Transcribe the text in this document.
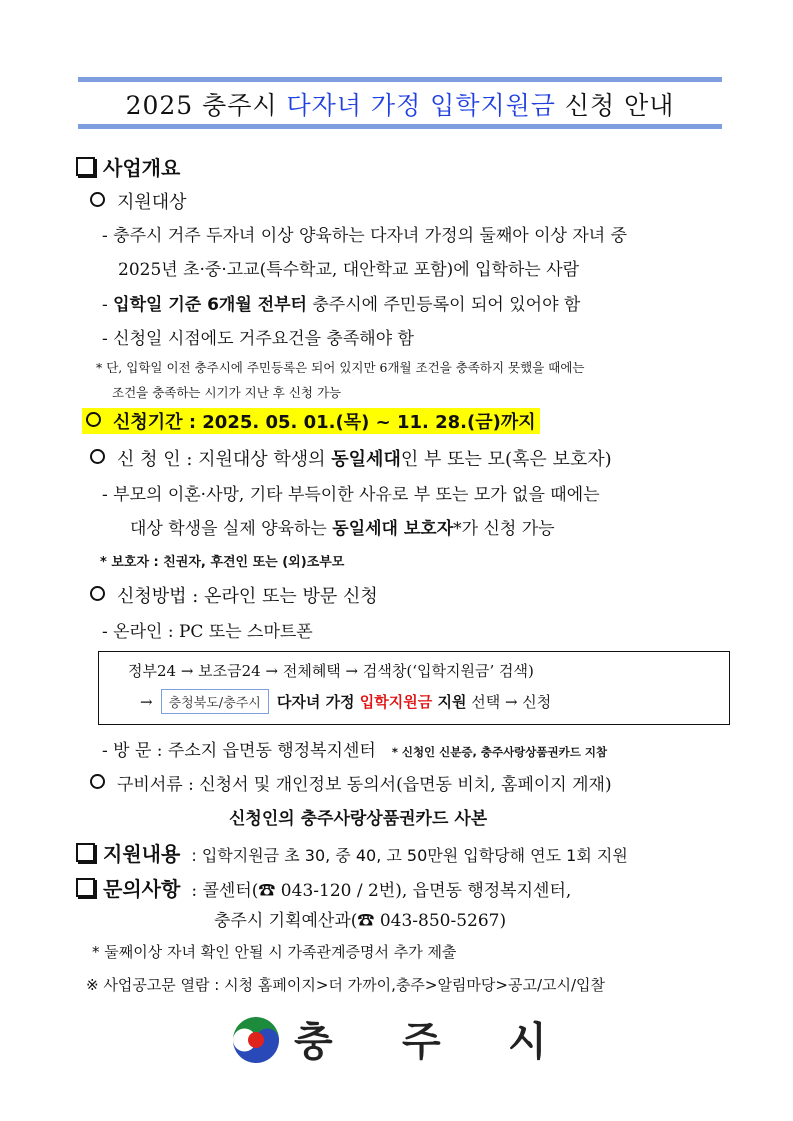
2025 충주시 다자녀 가정 입학지원금 신청 안내
사업개요
지원대상
- 충주시 거주 두자녀 이상 양육하는 다자녀 가정의 둘째아 이상 자녀 중
2025년 초·중·고교(특수학교, 대안학교 포함)에 입학하는 사람
- 입학일 기준 6개월 전부터 충주시에 주민등록이 되어 있어야 함
- 신청일 시점에도 거주요건을 충족해야 함
* 단, 입학일 이전 충주시에 주민등록은 되어 있지만 6개월 조건을 충족하지 못했을 때에는
조건을 충족하는 시기가 지난 후 신청 가능
신청기간 : 2025. 05. 01.(목) ~ 11. 28.(금)까지
신 청 인 : 지원대상 학생의 동일세대인 부 또는 모(혹은 보호자)
- 부모의 이혼·사망, 기타 부득이한 사유로 부 또는 모가 없을 때에는
대상 학생을 실제 양육하는 동일세대 보호자*가 신청 가능
* 보호자 : 친권자, 후견인 또는 (외)조부모
신청방법 : 온라인 또는 방문 신청
- 온라인 : PC 또는 스마트폰
정부24 → 보조금24 → 전체혜택 → 검색창(‘입학지원금’ 검색)
→ 충청북도/충주시 다자녀 가정 입학지원금 지원 선택 → 신청
- 방 문 : 주소지 읍면동 행정복지센터 * 신청인 신분증, 충주사랑상품권카드 지참
구비서류 : 신청서 및 개인정보 동의서(읍면동 비치, 홈페이지 게재)
신청인의 충주사랑상품권카드 사본
지원내용 : 입학지원금 초 30, 중 40, 고 50만원 입학당해 연도 1회 지원
문의사항 : 콜센터(☎ 043-120 / 2번), 읍면동 행정복지센터,
충주시 기획예산과(☎ 043-850-5267)
* 둘째이상 자녀 확인 안될 시 가족관계증명서 추가 제출
※ 사업공고문 열람 : 시청 홈페이지>더 가까이,충주>알림마당>공고/고시/입찰
충 주 시
